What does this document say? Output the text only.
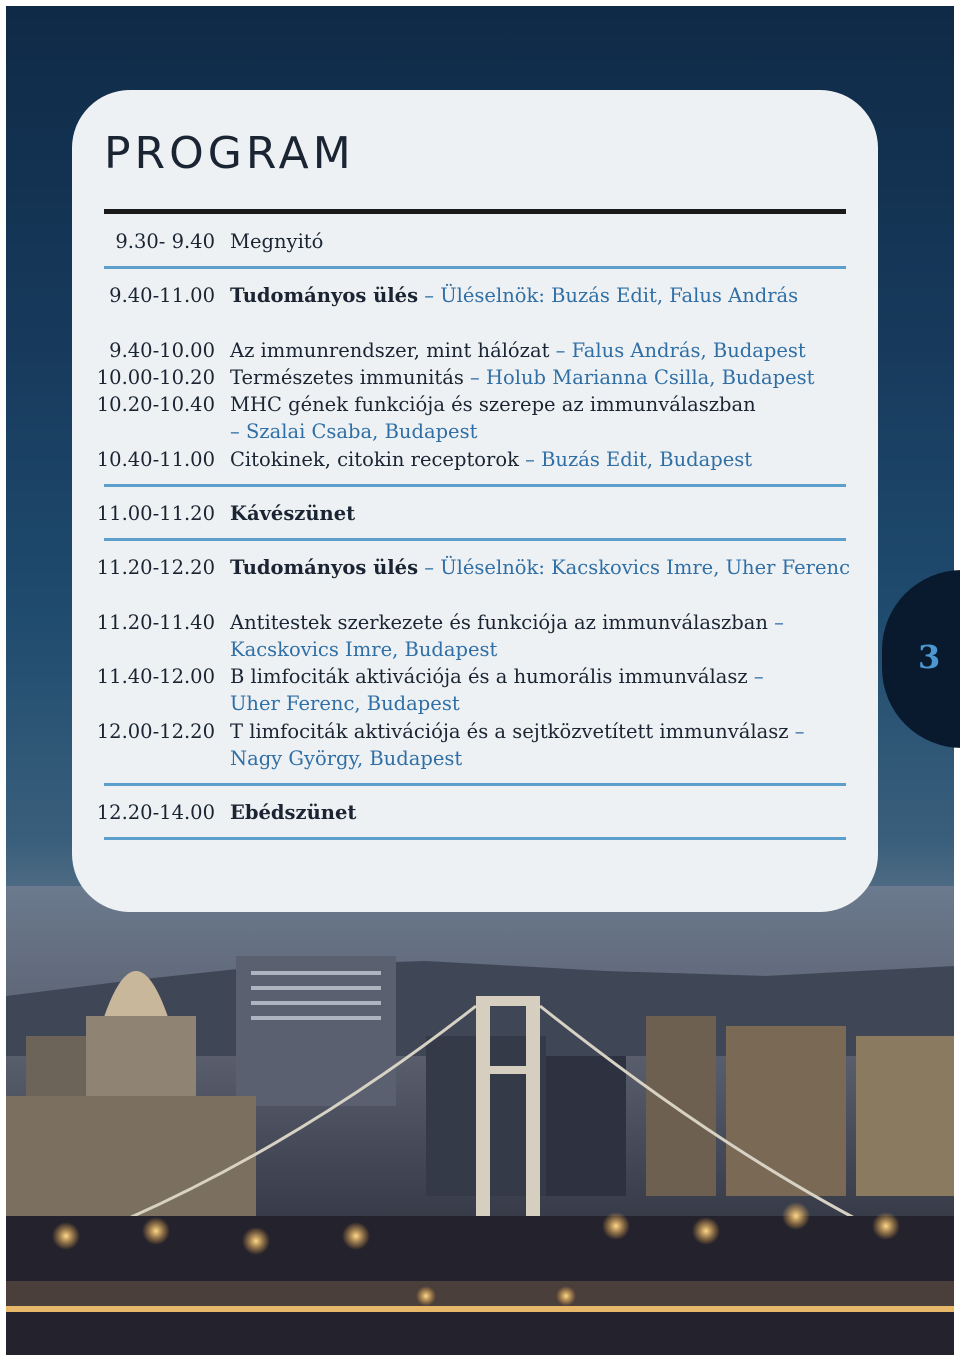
PROGRAM
9.30- 9.40 Megnyitó
9.40-11.00 Tudományos ülés – Üléselnök: Buzás Edit, Falus András
9.40-10.00 Az immunrendszer, mint hálózat – Falus András, Budapest
10.00-10.20 Természetes immunitás – Holub Marianna Csilla, Budapest
10.20-10.40 MHC gének funkciója és szerepe az immunválaszban
– Szalai Csaba, Budapest
10.40-11.00 Citokinek, citokin receptorok – Buzás Edit, Budapest
11.00-11.20 Kávészünet
11.20-12.20 Tudományos ülés – Üléselnök: Kacskovics Imre, Uher Ferenc
11.20-11.40 Antitestek szerkezete és funkciója az immunválaszban –
Kacskovics Imre, Budapest
11.40-12.00 B limfociták aktivációja és a humorális immunválasz –
Uher Ferenc, Budapest
12.00-12.20 T limfociták aktivációja és a sejtközvetített immunválasz –
Nagy György, Budapest
12.20-14.00 Ebédszünet
3
